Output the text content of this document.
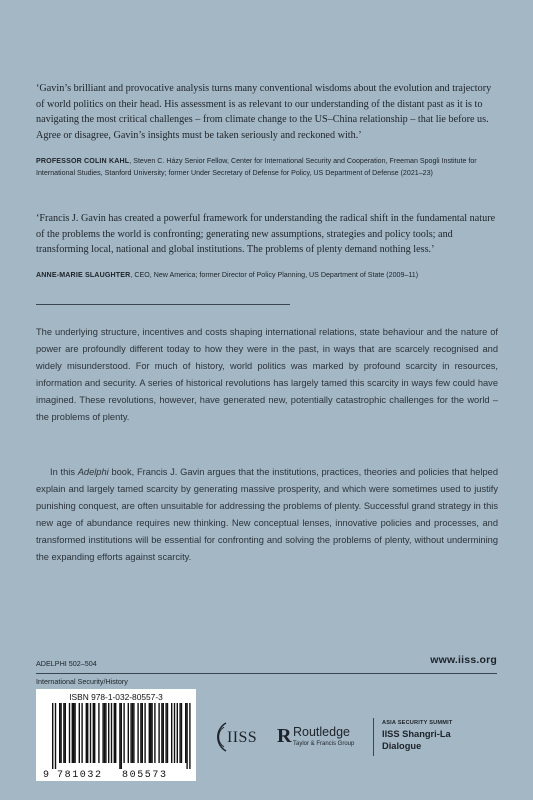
‘Gavin’s brilliant and provocative analysis turns many conventional wisdoms about the evolution and trajectory of world politics on their head. His assessment is as relevant to our understanding of the distant past as it is to navigating the most critical challenges – from climate change to the US–China relationship – that lie before us. Agree or disagree, Gavin’s insights must be taken seriously and reckoned with.’

PROFESSOR COLIN KAHL, Steven C. Házy Senior Fellow, Center for International Security and Cooperation, Freeman Spogli Institute for International Studies, Stanford University; former Under Secretary of Defense for Policy, US Department of Defense (2021–23)

‘Francis J. Gavin has created a powerful framework for understanding the radical shift in the fundamental nature of the problems the world is confronting; generating new assumptions, strategies and policy tools; and transforming local, national and global institutions. The problems of plenty demand nothing less.’

ANNE-MARIE SLAUGHTER, CEO, New America; former Director of Policy Planning, US Department of State (2009–11)

The underlying structure, incentives and costs shaping international relations, state behaviour and the nature of power are profoundly different today to how they were in the past, in ways that are scarcely recognised and widely misunderstood. For much of history, world politics was marked by profound scarcity in resources, information and security. A series of historical revolutions has largely tamed this scarcity in ways few could have imagined. These revolutions, however, have generated new, potentially catastrophic challenges for the world – the problems of plenty.

In this Adelphi book, Francis J. Gavin argues that the institutions, practices, theories and policies that helped explain and largely tamed scarcity by generating massive prosperity, and which were sometimes used to justify punishing conquest, are often unsuitable for addressing the problems of plenty. Successful grand strategy in this new age of abundance requires new thinking. New conceptual lenses, innovative policies and processes, and transformed institutions will be essential for confronting and solving the problems of plenty, without undermining the expanding efforts against scarcity.

ADELPHI 502–504	www.iiss.org
International Security/History
ISBN 978-1-032-80557-3
9 781032 805573
IISS R Routledge
Taylor & Francis Group
ASIA SECURITY SUMMIT
IISS Shangri-La
Dialogue
